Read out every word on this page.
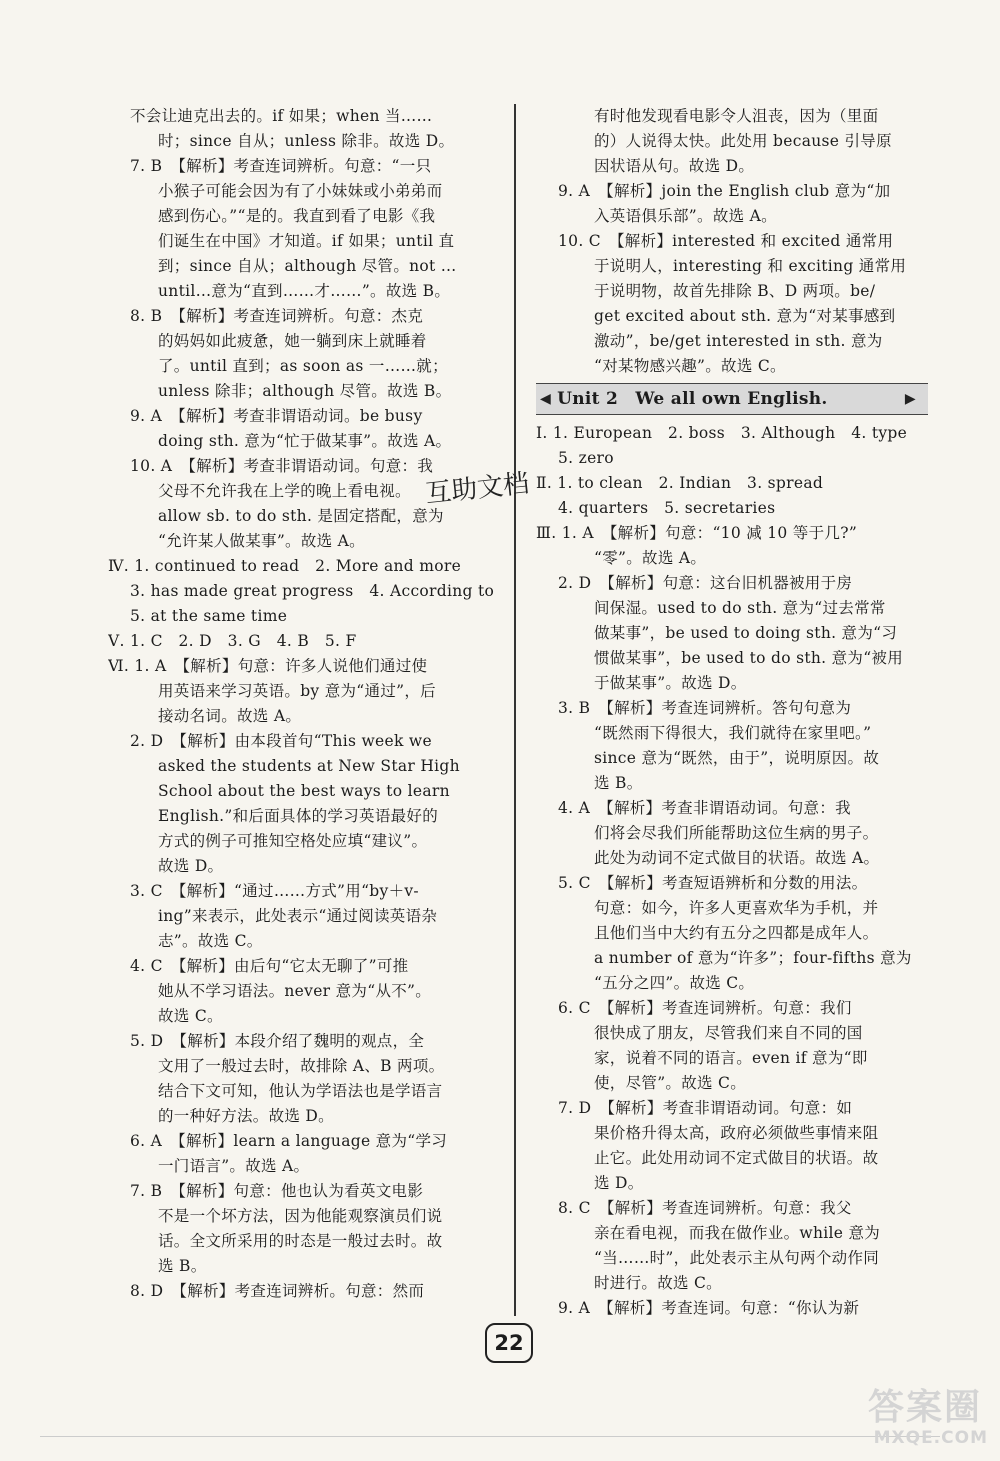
不会让迪克出去的。if 如果；when 当……
时；since 自从；unless 除非。故选 D。
7. B　【解析】考查连词辨析。句意：“一只
小猴子可能会因为有了小妹妹或小弟弟而
感到伤心。”“是的。我直到看了电影《我
们诞生在中国》才知道。if 如果；until 直
到；since 自从；although 尽管。not …
until…意为“直到……才……”。故选 B。
8. B　【解析】考查连词辨析。句意：杰克
的妈妈如此疲惫，她一躺到床上就睡着
了。until 直到；as soon as 一……就；
unless 除非；although 尽管。故选 B。
9. A　【解析】考查非谓语动词。be busy
doing sth. 意为“忙于做某事”。故选 A。
10. A　【解析】考查非谓语动词。句意：我
父母不允许我在上学的晚上看电视。
allow sb. to do sth. 是固定搭配，意为
“允许某人做某事”。故选 A。
Ⅳ. 1. continued to read　2. More and more
3. has made great progress　4. According to
5. at the same time
Ⅴ. 1. C　2. D　3. G　4. B　5. F
Ⅵ. 1. A　【解析】句意：许多人说他们通过使
用英语来学习英语。by 意为“通过”，后
接动名词。故选 A。
2. D　【解析】由本段首句“This week we
asked the students at New Star High
School about the best ways to learn
English.”和后面具体的学习英语最好的
方式的例子可推知空格处应填“建议”。
故选 D。
3. C　【解析】“通过……方式”用“by＋v-
ing”来表示，此处表示“通过阅读英语杂
志”。故选 C。
4. C　【解析】由后句“它太无聊了”可推
她从不学习语法。never 意为“从不”。
故选 C。
5. D　【解析】本段介绍了魏明的观点，全
文用了一般过去时，故排除 A、B 两项。
结合下文可知，他认为学语法也是学语言
的一种好方法。故选 D。
6. A　【解析】learn a language 意为“学习
一门语言”。故选 A。
7. B　【解析】句意：他也认为看英文电影
不是一个坏方法，因为他能观察演员们说
话。全文所采用的时态是一般过去时。故
选 B。
8. D　【解析】考查连词辨析。句意：然而
有时他发现看电影令人沮丧，因为（里面
的）人说得太快。此处用 because 引导原
因状语从句。故选 D。
9. A　【解析】join the English club 意为“加
入英语俱乐部”。故选 A。
10. C　【解析】interested 和 excited 通常用
于说明人，interesting 和 exciting 通常用
于说明物，故首先排除 B、D 两项。be/
get excited about sth. 意为“对某事感到
激动”，be/get interested in sth. 意为
“对某物感兴趣”。故选 C。
◀ Unit 2　We all own English.	▶
Ⅰ. 1. European　2. boss　3. Although　4. type
5. zero
Ⅱ. 1. to clean　2. Indian　3. spread
4. quarters　5. secretaries
Ⅲ. 1. A　【解析】句意：“10 减 10 等于几?”
“零”。故选 A。
2. D　【解析】句意：这台旧机器被用于房
间保湿。used to do sth. 意为“过去常常
做某事”，be used to doing sth. 意为“习
惯做某事”，be used to do sth. 意为“被用
于做某事”。故选 D。
3. B　【解析】考查连词辨析。答句句意为
“既然雨下得很大，我们就待在家里吧。”
since 意为“既然，由于”，说明原因。故
选 B。
4. A　【解析】考查非谓语动词。句意：我
们将会尽我们所能帮助这位生病的男子。
此处为动词不定式做目的状语。故选 A。
5. C　【解析】考查短语辨析和分数的用法。
句意：如今，许多人更喜欢华为手机，并
且他们当中大约有五分之四都是成年人。
a number of 意为“许多”；four-fifths 意为
“五分之四”。故选 C。
6. C　【解析】考查连词辨析。句意：我们
很快成了朋友，尽管我们来自不同的国
家，说着不同的语言。even if 意为“即
使，尽管”。故选 C。
7. D　【解析】考查非谓语动词。句意：如
果价格升得太高，政府必须做些事情来阻
止它。此处用动词不定式做目的状语。故
选 D。
8. C　【解析】考查连词辨析。句意：我父
亲在看电视，而我在做作业。while 意为
“当……时”，此处表示主从句两个动作同
时进行。故选 C。
9. A　【解析】考查连词。句意：“你认为新
互助文档
22
答案圈
MXQE.COM
